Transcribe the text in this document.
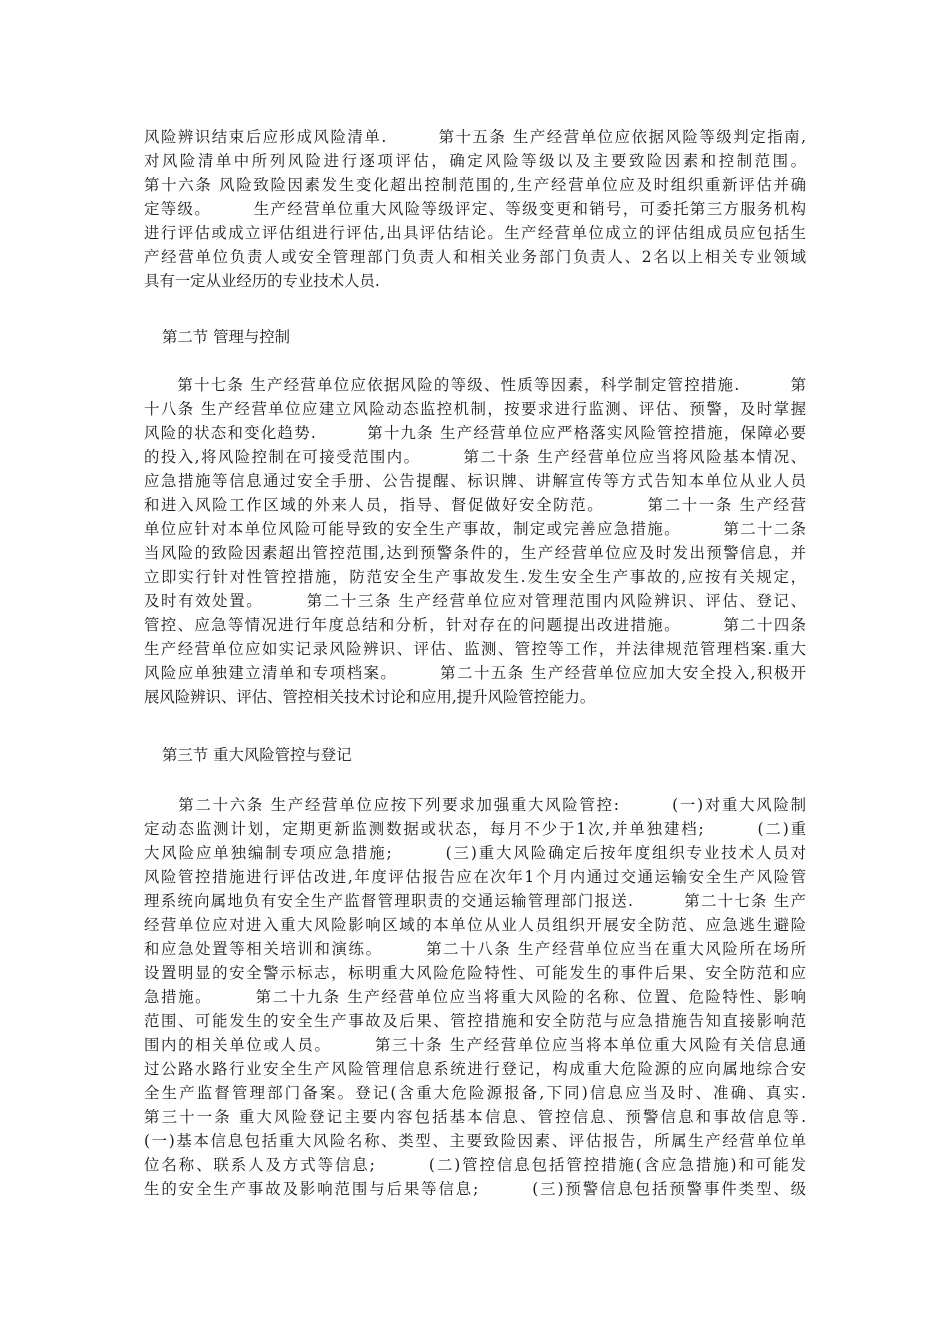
风险辨识结束后应形成风险清单.　　　第十五条 生产经营单位应依据风险等级判定指南,
对风险清单中所列风险进行逐项评估，确定风险等级以及主要致险因素和控制范围。
第十六条 风险致险因素发生变化超出控制范围的,生产经营单位应及时组织重新评估并确
定等级。　　　生产经营单位重大风险等级评定、等级变更和销号，可委托第三方服务机构
进行评估或成立评估组进行评估,出具评估结论。生产经营单位成立的评估组成员应包括生
产经营单位负责人或安全管理部门负责人和相关业务部门负责人、2名以上相关专业领域
具有一定从业经历的专业技术人员.
第二节 管理与控制
　　第十七条 生产经营单位应依据风险的等级、性质等因素，科学制定管控措施.　　　第
十八条 生产经营单位应建立风险动态监控机制，按要求进行监测、评估、预警，及时掌握
风险的状态和变化趋势.　　　第十九条 生产经营单位应严格落实风险管控措施，保障必要
的投入,将风险控制在可接受范围内。　　　第二十条 生产经营单位应当将风险基本情况、
应急措施等信息通过安全手册、公告提醒、标识牌、讲解宣传等方式告知本单位从业人员
和进入风险工作区域的外来人员，指导、督促做好安全防范。　　　第二十一条 生产经营
单位应针对本单位风险可能导致的安全生产事故，制定或完善应急措施。　　　第二十二条
当风险的致险因素超出管控范围,达到预警条件的，生产经营单位应及时发出预警信息，并
立即实行针对性管控措施，防范安全生产事故发生.发生安全生产事故的,应按有关规定，
及时有效处置。　　　第二十三条 生产经营单位应对管理范围内风险辨识、评估、登记、
管控、应急等情况进行年度总结和分析，针对存在的问题提出改进措施。　　　第二十四条
生产经营单位应如实记录风险辨识、评估、监测、管控等工作，并法律规范管理档案.重大
风险应单独建立清单和专项档案。　　　第二十五条 生产经营单位应加大安全投入,积极开
展风险辨识、评估、管控相关技术讨论和应用,提升风险管控能力。
第三节 重大风险管控与登记
　　第二十六条 生产经营单位应按下列要求加强重大风险管控:　　　(一)对重大风险制
定动态监测计划，定期更新监测数据或状态，每月不少于1次,并单独建档;　　　(二)重
大风险应单独编制专项应急措施;　　　(三)重大风险确定后按年度组织专业技术人员对
风险管控措施进行评估改进,年度评估报告应在次年1个月内通过交通运输安全生产风险管
理系统向属地负有安全生产监督管理职责的交通运输管理部门报送.　　　第二十七条 生产
经营单位应对进入重大风险影响区域的本单位从业人员组织开展安全防范、应急逃生避险
和应急处置等相关培训和演练。　　　第二十八条 生产经营单位应当在重大风险所在场所
设置明显的安全警示标志，标明重大风险危险特性、可能发生的事件后果、安全防范和应
急措施。　　　第二十九条 生产经营单位应当将重大风险的名称、位置、危险特性、影响
范围、可能发生的安全生产事故及后果、管控措施和安全防范与应急措施告知直接影响范
围内的相关单位或人员。　　　第三十条 生产经营单位应当将本单位重大风险有关信息通
过公路水路行业安全生产风险管理信息系统进行登记，构成重大危险源的应向属地综合安
全生产监督管理部门备案。登记(含重大危险源报备,下同)信息应当及时、准确、真实.
第三十一条 重大风险登记主要内容包括基本信息、管控信息、预警信息和事故信息等.
(一)基本信息包括重大风险名称、类型、主要致险因素、评估报告，所属生产经营单位单
位名称、联系人及方式等信息;　　　(二)管控信息包括管控措施(含应急措施)和可能发
生的安全生产事故及影响范围与后果等信息;　　　(三)预警信息包括预警事件类型、级
